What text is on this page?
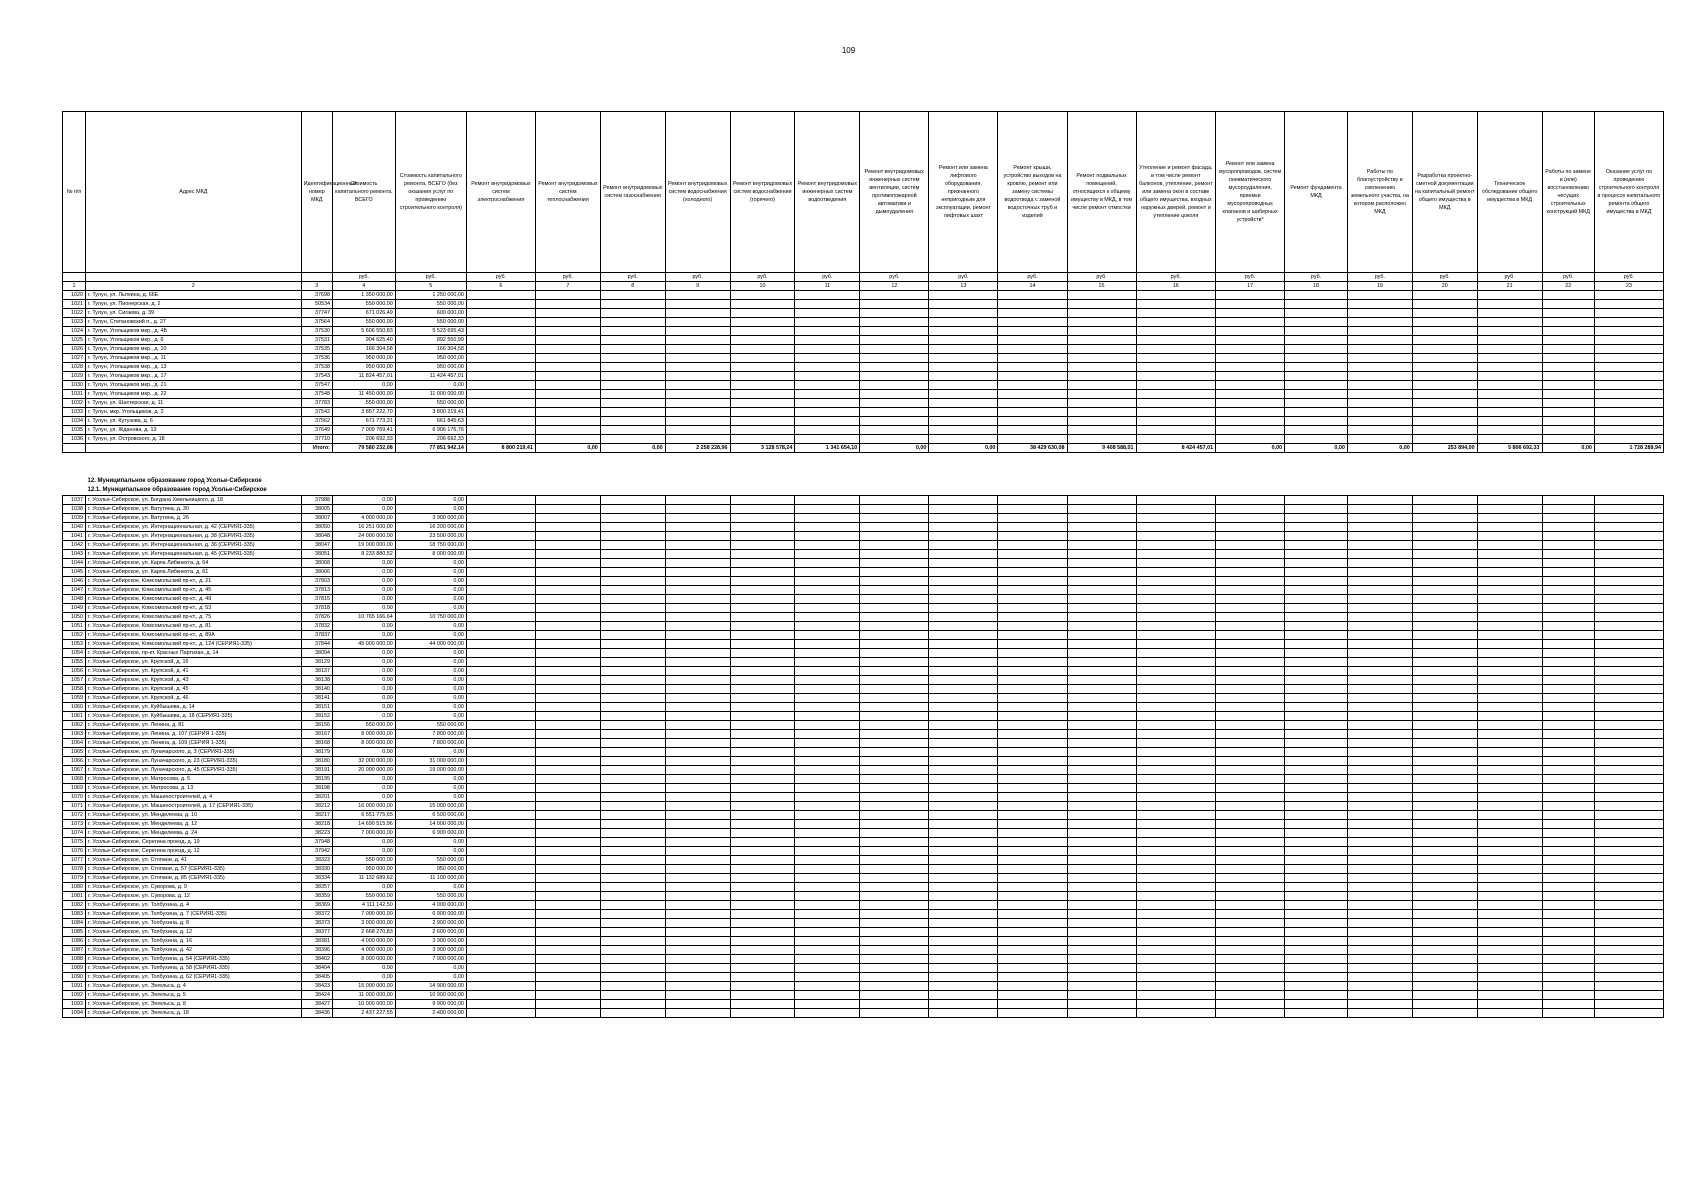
109
№ п/п	Адрес МКД	Идентификационный номер МКД	Стоимость капитального ремонта, ВСЕГО	Стоимость капитального ремонта, ВСЕГО (без оказания услуг по проведению строительного контроля)	Ремонт внутридомовых систем электроснабжения	Ремонт внутридомовых систем теплоснабжения	Ремонт внутридомовых систем газоснабжения	Ремонт внутридомовых систем водоснабжения (холодного)	Ремонт внутридомовых систем водоснабжения (горячего)	Ремонт внутридомовых инженерных систем водоотведения	Ремонт внутридомовых инженерных систем вентиляции, систем противопожарной автоматики и дымоудаления	Ремонт или замена лифтового оборудования, признанного непригодным для эксплуатации, ремонт лифтовых шахт	Ремонт крыши, устройство выходов на кровлю, ремонт или замену системы водоотвода с заменой водосточных труб и изделий	Ремонт подвальных помещений, относящихся к общему имуществу в МКД, в том числе ремонт отмостки	Утепление и ремонт фасада, в том числе ремонт балконов, утепление, ремонт или замена окон в составе общего имущества, входных наружных дверей, ремонт и утепление цоколя	Ремонт или замена мусоропроводов, систем пневматического мусороудаления, приемки мусоропроводных клапанов и шиберных устройств*	Ремонт фундамента МКД	Работы по благоустройству и озеленению земельного участка, на котором расположен МКД	Разработка проектно-сметной документации на капитальный ремонт общего имущества в МКД	Техническое обследование общего имущества в МКД	Работы по замене и (или) восстановлению несущих строительных конструкций МКД	Оказание услуг по проведению строительного контроля в процессе капитального ремонта общего имущества в МКД
			руб.	руб.	руб.	руб.	руб.	руб.	руб.	руб.	руб.	руб.	руб.	руб.	руб.	руб.	руб.	руб.	руб.	руб.	руб.	руб.
1	2	3	4	5	6	7	8	9	10	11	12	13	14	15	16	17	18	19	20	21	22	23
1020	г. Тулун, ул. Лыткина, д. 66Е	37698	1 350 000,00	1 250 000,00																		
1021	г. Тулун, ул. Пионерская, д. 2	50534	550 000,00	550 000,00																		
1022	г. Тулун, ул. Сигаева, д. 39	37747	671 026,49	600 000,00																		
1023	г. Тулун, Степановский п., д. 27	37564	550 000,00	550 000,00																		
1024	г. Тулун, Угольщиков мкр., д. 4Б	37530	5 606 550,83	5 523 695,43																		
1025	г. Тулун, Угольщиков мкр., д. 6	37531	904 625,40	892 550,99																		
1026	г. Тулун, Угольщиков мкр., д. 10	37535	166 304,58	166 304,58																		
1027	г. Тулун, Угольщиков мкр., д. 11	37536	950 000,00	950 000,00																		
1028	г. Тулун, Угольщиков мкр., д. 13	37538	950 000,00	950 000,00																		
1029	г. Тулун, Угольщиков мкр., д. 17	37543	11 824 457,01	11 424 457,01																		
1030	г. Тулун, Угольщиков мкр., д. 21	37547	0,00	0,00																		
1031	г. Тулун, Угольщиков мкр., д. 22	37548	11 450 000,00	11 000 000,00																		
1032	г. Тулун, ул. Шахтерская, д. 11	37783	550 000,00	550 000,00																		
1033	г. Тулун, мкр. Угольщиков, д. 2	37542	3 857 222,70	3 800 219,41																		
1034	г. Тулун, ул. Кутузова, д. 6	37562	671 773,31	661 845,63																		
1035	г. Тулун, ул. Жданова, д. 13	37649	7 009 769,41	6 906 176,76																		
1036	г. Тулун, ул. Островского, д. 18	37710	206 692,33	206 692,33																		
		Итого:	79 580 232,08	77 851 942,14	8 800 219,41	0,00	0,00	2 258 228,96	3 128 578,24	1 341 654,10	0,00	0,00	38 429 630,08	9 408 588,01	8 424 457,01	0,00	0,00	0,00	253 894,00	5 806 692,33	0,00	1 728 289,94

	12. Муниципальное образование город Усолье-Сибирское																					
	12.1. Муниципальное образование город Усолье-Сибирское																					
1037	г. Усолье-Сибирское, ул. Богдана Хмельницкого, д. 18	37988	0,00	0,00																		
1038	г. Усолье-Сибирское, ул. Ватутина, д. 30	38005	0,00	0,00																		
1039	г. Усолье-Сибирское, ул. Ватутина, д. 26	38007	4 000 000,00	3 900 000,00																		
1040	г. Усолье-Сибирское, ул. Интернациональная, д. 42 (СЕРИЯ1-335)	38050	16 251 000,00	16 200 000,00																		
1041	г. Усолье-Сибирское, ул. Интернациональная, д. 38 (СЕРИЯ1-335)	38048	24 000 000,00	23 500 000,00																		
1042	г. Усолье-Сибирское, ул. Интернациональная, д. 36 (СЕРИЯ1-335)	38047	19 000 000,00	18 750 000,00																		
1043	г. Усолье-Сибирское, ул. Интернациональная, д. 45 (СЕРИЯ1-335)	38051	8 233 880,52	8 000 000,00																		
1044	г. Усолье-Сибирское, ул. Карла Либкнехта, д. 64	38068	0,00	0,00																		
1045	г. Усолье-Сибирское, ул. Карла Либкнехта, д. 61	38066	0,00	0,00																		
1046	г. Усолье-Сибирское, Комсомольский пр-кт., д. 21	37803	0,00	0,00																		
1047	г. Усолье-Сибирское, Комсомольский пр-кт., д. 45	37813	0,00	0,00																		
1048	г. Усолье-Сибирское, Комсомольский пр-кт., д. 49	37815	0,00	0,00																		
1049	г. Усолье-Сибирское, Комсомольский пр-кт., д. 53	37818	0,00	0,00																		
1050	г. Усолье-Сибирское, Комсомольский пр-кт., д. 75	37826	10 765 166,64	10 750 000,00																		
1051	г. Усолье-Сибирское, Комсомольский пр-кт., д. 81	37832	0,00	0,00																		
1052	г. Усолье-Сибирское, Комсомольский пр-кт., д. 89А	37837	0,00	0,00																		
1053	г. Усолье-Сибирское, Комсомольский пр-кт., д. 124 (СЕРИЯ1-335)	37844	45 000 000,00	44 000 000,00																		
1054	г. Усолье-Сибирское, пр-кт. Красных Партизан, д. 14	38094	0,00	0,00																		
1055	г. Усолье-Сибирское, ул. Крупской, д. 16	38129	0,00	0,00																		
1056	г. Усолье-Сибирское, ул. Крупской, д. 41	38137	0,00	0,00																		
1057	г. Усолье-Сибирское, ул. Крупской, д. 43	38138	0,00	0,00																		
1058	г. Усолье-Сибирское, ул. Крупской, д. 45	38140	0,00	0,00																		
1059	г. Усолье-Сибирское, ул. Крупской, д. 46	38141	0,00	0,00																		
1060	г. Усолье-Сибирское, ул. Куйбышева, д. 14	38151	0,00	0,00																		
1061	г. Усолье-Сибирское, ул. Куйбышева, д. 18 (СЕРИЯ1-335)	38152	0,00	0,00																		
1062	г. Усолье-Сибирское, ул. Ленина, д. 81	38156	550 000,00	550 000,00																		
1063	г. Усолье-Сибирское, ул. Ленина, д. 107 (СЕРИЯ 1-335)	38167	8 000 000,00	7 800 000,00																		
1064	г. Усолье-Сибирское, ул. Ленина, д. 109 (СЕРИЯ 1-335)	38168	8 000 000,00	7 800 000,00																		
1065	г. Усолье-Сибирское, ул. Луначарского, д. 3 (СЕРИЯ1-335)	38179	0,00	0,00																		
1066	г. Усолье-Сибирское, ул. Луначарского, д. 23 (СЕРИЯ1-335)	38180	32 000 000,00	31 000 000,00																		
1067	г. Усолье-Сибирское, ул. Луначарского, д. 45 (СЕРИЯ1-335)	38191	20 000 000,00	19 000 000,00																		
1068	г. Усолье-Сибирское, ул. Матросова, д. 5	38195	0,00	0,00																		
1069	г. Усолье-Сибирское, ул. Матросова, д. 13	38198	0,00	0,00																		
1070	г. Усолье-Сибирское, ул. Машиностроителей, д. 4	38201	0,00	0,00																		
1071	г. Усолье-Сибирское, ул. Машиностроителей, д. 17 (СЕРИЯ1-335)	38212	16 000 000,00	15 000 000,00																		
1072	г. Усолье-Сибирское, ул. Менделеева, д. 10	38217	6 551 775,65	6 500 000,00																		
1073	г. Усолье-Сибирское, ул. Менделеева, д. 12	38218	14 690 515,96	14 000 000,00																		
1074	г. Усолье-Сибирское, ул. Менделеева, д. 24	38223	7 000 000,00	6 900 000,00																		
1075	г. Усолье-Сибирское, Серегина проезд, д. 19	37948	0,00	0,00																		
1076	г. Усолье-Сибирское, Серегина проезд, д. 12	37942	0,00	0,00																		
1077	г. Усолье-Сибирское, ул. Стопани, д. 41	38323	550 000,00	550 000,00																		
1078	г. Усолье-Сибирское, ул. Стопани, д. 57 (СЕРИЯ1-335)	38330	950 000,00	950 000,00																		
1079	г. Усолье-Сибирское, ул. Стопани, д. 85 (СЕРИЯ1-335)	38334	11 132 689,62	11 100 000,00																		
1080	г. Усолье-Сибирское, ул. Суворова, д. 9	38357	0,00	0,00																		
1081	г. Усолье-Сибирское, ул. Суворова, д. 12	38359	550 000,00	550 000,00																		
1082	г. Усолье-Сибирское, ул. Толбухина, д. 4	38369	4 111 142,50	4 000 000,00																		
1083	г. Усолье-Сибирское, ул. Толбухина, д. 7 (СЕРИЯ1-335)	38372	7 000 000,00	6 900 000,00																		
1084	г. Усолье-Сибирское, ул. Толбухина, д. 8	38373	3 000 000,00	2 900 000,00																		
1085	г. Усолье-Сибирское, ул. Толбухина, д. 12	38377	2 668 270,83	2 600 000,00																		
1086	г. Усолье-Сибирское, ул. Толбухина, д. 16	38381	4 000 000,00	3 900 000,00																		
1087	г. Усолье-Сибирское, ул. Толбухина, д. 42	38396	4 000 000,00	3 900 000,00																		
1088	г. Усолье-Сибирское, ул. Толбухина, д. 54 (СЕРИЯ1-335)	38402	8 000 000,00	7 900 000,00																		
1089	г. Усолье-Сибирское, ул. Толбухина, д. 58 (СЕРИЯ1-335)	38404	0,00	0,00																		
1090	г. Усолье-Сибирское, ул. Толбухина, д. 62 (СЕРИЯ1-335)	38405	0,00	0,00																		
1091	г. Усолье-Сибирское, ул. Энгельса, д. 4	38423	15 000 000,00	14 900 000,00																		
1092	г. Усолье-Сибирское, ул. Энгельса, д. 5	38424	11 000 000,00	10 900 000,00																		
1093	г. Усолье-Сибирское, ул. Энгельса, д. 8	38427	10 000 000,00	9 900 000,00																		
1094	г. Усолье-Сибирское, ул. Энгельса, д. 18	38436	2 437 227,55	2 400 000,00																		
